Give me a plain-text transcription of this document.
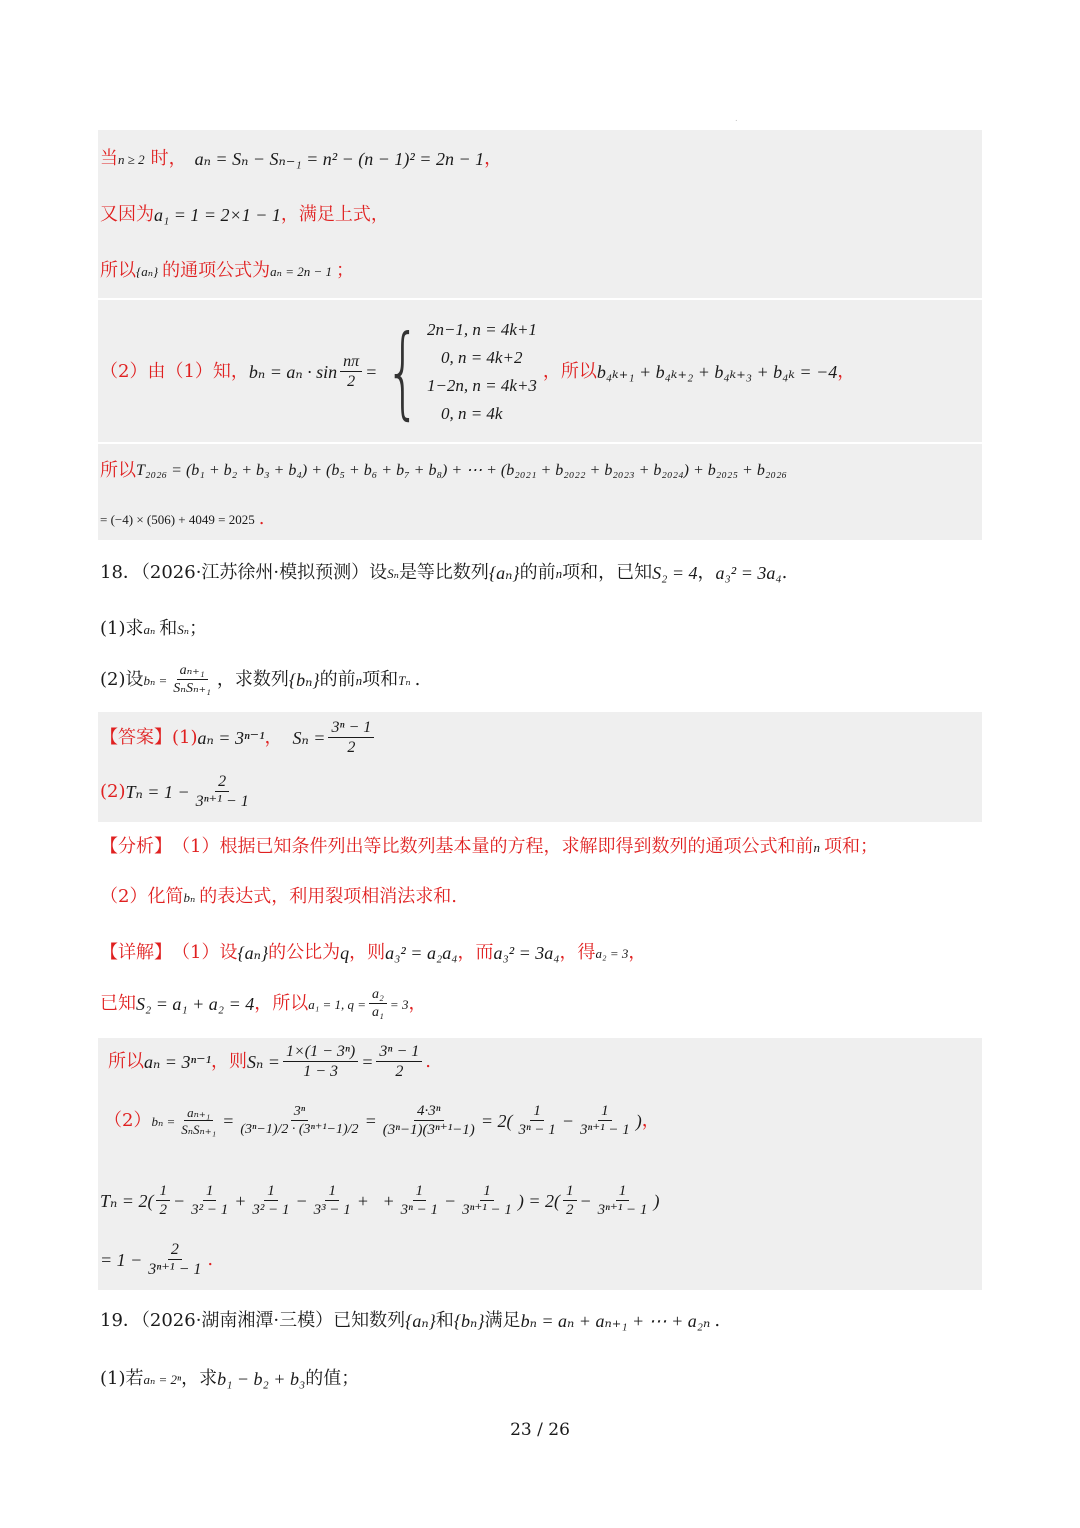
.
当 n ≥ 2 时， aₙ = Sₙ − Sₙ₋₁ = n² − (n − 1)² = 2n − 1 ，
又因为 a₁ = 1 = 2×1 − 1 ，满足上式，
所以 {aₙ} 的通项公式为 aₙ = 2n − 1 ；
（2）由（1）知， $b_n = a_n \cdot \sin \frac{n\pi}{2}$ = { 2n−1, n = 4k+1
0, n = 4k+2
1−2n, n = 4k+3
0, n = 4k
，所以 b₄ₖ₊₁ + b₄ₖ₊₂ + b₄ₖ₊₃ + b₄ₖ = −4 ，
所以 T₂₀₂₆ = (b₁ + b₂ + b₃ + b₄) + (b₅ + b₆ + b₇ + b₈) + ⋯ + (b₂₀₂₁ + b₂₀₂₂ + b₂₀₂₃ + b₂₀₂₄) + b₂₀₂₅ + b₂₀₂₆
= (−4) × (506) + 4049 = 2025 .
18．（2026·江苏徐州·模拟预测）设 Sₙ 是等比数列 {aₙ} 的前 n 项和，已知 S₂ = 4 ， a₃² = 3a₄ .
(1)求 aₙ 和 Sₙ ；
(2)设 $b_n = \frac{\text{aₙ₊₁}}{\text{SₙSₙ₊₁}}$ ，求数列 {bₙ} 的前 n 项和 Tₙ .
【答案】 (1) aₙ = 3ⁿ⁻¹ ， $S_n = \frac{\text{3ⁿ − 1}}{2}$
(2) $T_n = 1 - \frac{2}{\text{3ⁿ⁺¹ − 1}}$
【分析】 （1）根据已知条件列出等比数列基本量的方程，求解即得到数列的通项公式和前 n 项和；
（2）化简 bₙ 的表达式，利用裂项相消法求和.
【详解】 （1）设 {aₙ} 的公比为 q ，则 a₃² = a₂a₄ ，而 a₃² = 3a₄ ，得 a₂ = 3 ，
已知 S₂ = a₁ + a₂ = 4 ，所以 a₁ = 1, $q = \frac{\text{a₂}}{\text{a₁}} = 3$ ，
所以 aₙ = 3ⁿ⁻¹ ，则 $S_n = \frac{\text{1×(1 − 3ⁿ)}}{1 - 3} = \frac{\text{3ⁿ − 1}}{2}$ .
（2） $b_n = \frac{\text{aₙ₊₁}}{\text{SₙSₙ₊₁}} = \frac{\text{3ⁿ}}{\text{(3ⁿ−1)/2 · (3ⁿ⁺¹−1)/2}} = \frac{\text{4·3ⁿ}}{\text{(3ⁿ−1)(3ⁿ⁺¹−1)}} = 2( \frac{1}{\text{3ⁿ − 1}} - \frac{1}{\text{3ⁿ⁺¹ − 1}}$ ) ，
$T_n = 2( \frac{1}{2} - \frac{1}{\text{3² − 1}} + \frac{1}{\text{3² − 1}} - \frac{1}{\text{3³ − 1}}$ +   + $\frac{1}{\text{3ⁿ − 1}} - \frac{1}{\text{3ⁿ⁺¹ − 1}}$ ) = $2( \frac{1}{2} - \frac{1}{\text{3ⁿ⁺¹ − 1}}$ )
= $1 - \frac{2}{\text{3ⁿ⁺¹ − 1}}$ .
19．（2026·湖南湘潭·三模）已知数列 {aₙ} 和 {bₙ} 满足 bₙ = aₙ + aₙ₊₁ + ⋯ + a₂ₙ .
(1)若 aₙ = 2ⁿ ，求 b₁ − b₂ + b₃ 的值；
23 / 26
